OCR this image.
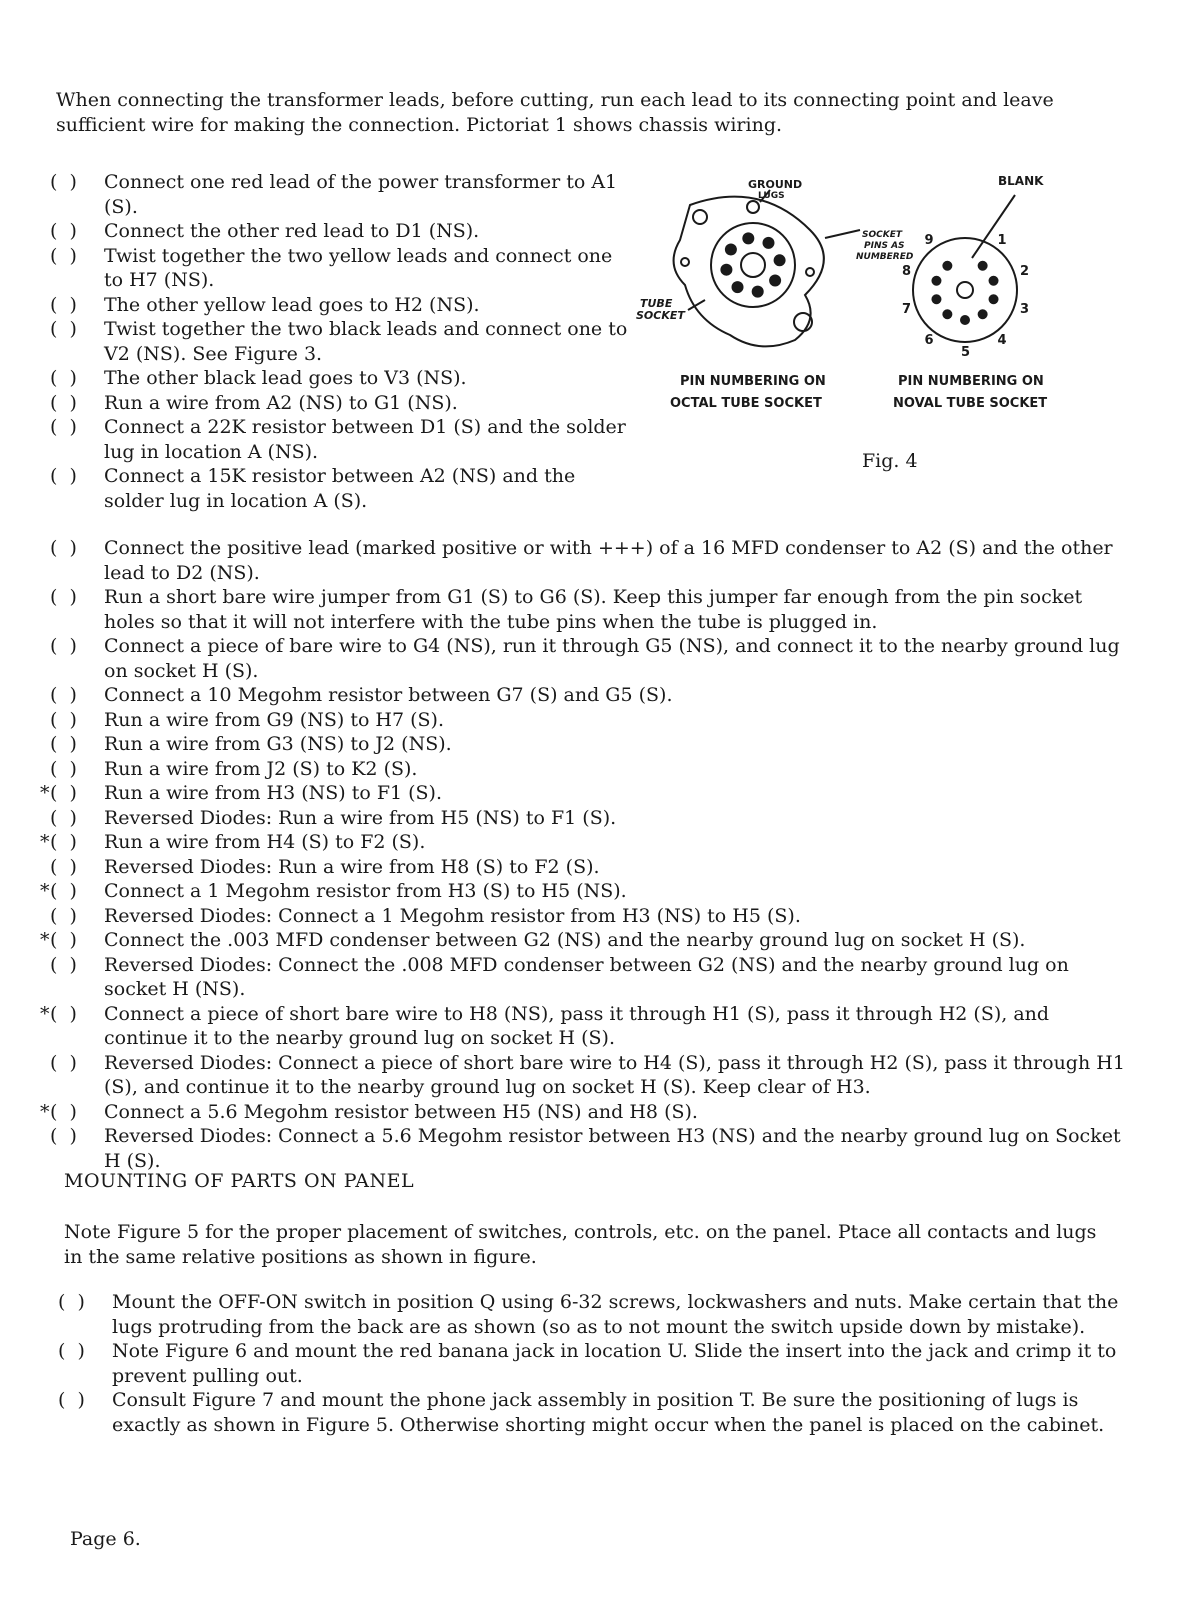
When connecting the transformer leads, before cutting, run each lead to its connecting point and leave sufficient wire for making the connection. Pictoriat 1 shows chassis wiring.

(  )	Connect one red lead of the power transformer to A1 (S).
(  )	Connect the other red lead to D1 (NS).
(  )	Twist together the two yellow leads and connect one to H7 (NS).
(  )	The other yellow lead goes to H2 (NS).
(  )	Twist together the two black leads and connect one to V2 (NS). See Figure 3.
(  )	The other black lead goes to V3 (NS).
(  )	Run a wire from A2 (NS) to G1 (NS).
(  )	Connect a 22K resistor between D1 (S) and the solder lug in location A (NS).
(  )	Connect a 15K resistor between A2 (NS) and the solder lug in location A (S).
1 2
3
4
5
6
7
8
GROUND
LUGS
SOCKET
PINS AS
NUMBERED
TUBE
SOCKET
PIN NUMBERING ON
OCTAL TUBE SOCKET
1
2
3
4
5
6
7
8
9
BLANK
PIN NUMBERING ON
NOVAL TUBE SOCKET
Fig. 4
(  )	Connect the positive lead (marked positive or with +++) of a 16 MFD condenser to A2 (S) and the other lead to D2 (NS).
(  )	Run a short bare wire jumper from G1 (S) to G6 (S). Keep this jumper far enough from the pin socket holes so that it will not interfere with the tube pins when the tube is plugged in.
(  )	Connect a piece of bare wire to G4 (NS), run it through G5 (NS), and connect it to the nearby ground lug on socket H (S).
(  )	Connect a 10 Megohm resistor between G7 (S) and G5 (S).
(  )	Run a wire from G9 (NS) to H7 (S).
(  )	Run a wire from G3 (NS) to J2 (NS).
(  )	Run a wire from J2 (S) to K2 (S).
* (  )	Run a wire from H3 (NS) to F1 (S).
(  )	Reversed Diodes: Run a wire from H5 (NS) to F1 (S).
* (  )	Run a wire from H4 (S) to F2 (S).
(  )	Reversed Diodes: Run a wire from H8 (S) to F2 (S).
* (  )	Connect a 1 Megohm resistor from H3 (S) to H5 (NS).
(  )	Reversed Diodes: Connect a 1 Megohm resistor from H3 (NS) to H5 (S).
* (  )	Connect the .003 MFD condenser between G2 (NS) and the nearby ground lug on socket H (S).
(  )	Reversed Diodes: Connect the .008 MFD condenser between G2 (NS) and the nearby ground lug on socket H (NS).
* (  )	Connect a piece of short bare wire to H8 (NS), pass it through H1 (S), pass it through H2 (S), and continue it to the nearby ground lug on socket H (S).
(  )	Reversed Diodes: Connect a piece of short bare wire to H4 (S), pass it through H2 (S), pass it through H1 (S), and continue it to the nearby ground lug on socket H (S). Keep clear of H3.
* (  )	Connect a 5.6 Megohm resistor between H5 (NS) and H8 (S).
(  )	Reversed Diodes: Connect a 5.6 Megohm resistor between H3 (NS) and the nearby ground lug on Socket H (S).
MOUNTING OF PARTS ON PANEL

Note Figure 5 for the proper placement of switches, controls, etc. on the panel. Ptace all contacts and lugs in the same relative positions as shown in figure.

(  )	Mount the OFF-ON switch in position Q using 6-32 screws, lockwashers and nuts. Make certain that the lugs protruding from the back are as shown (so as to not mount the switch upside down by mistake).
(  )	Note Figure 6 and mount the red banana jack in location U. Slide the insert into the jack and crimp it to prevent pulling out.
(  )	Consult Figure 7 and mount the phone jack assembly in position T. Be sure the positioning of lugs is exactly as shown in Figure 5. Otherwise shorting might occur when the panel is placed on the cabinet.

Page 6.
